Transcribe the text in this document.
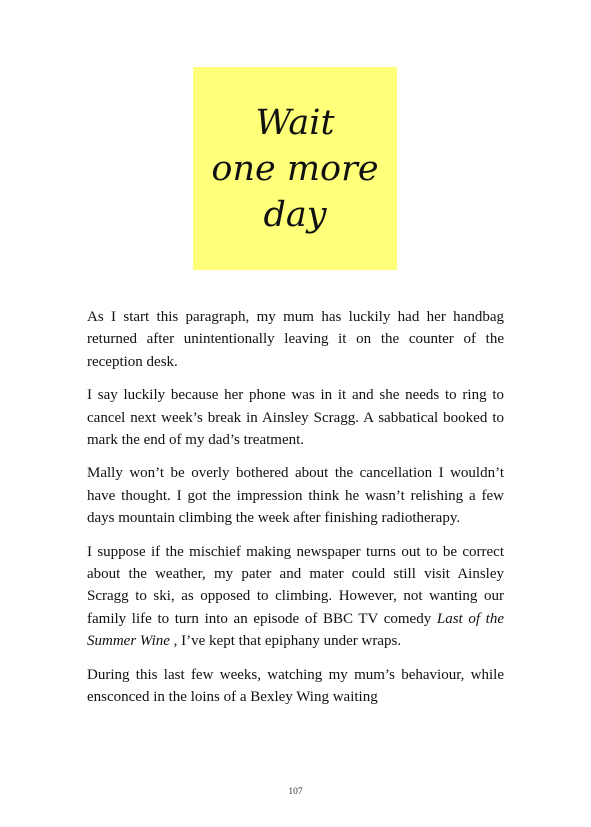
Wait
one more
day

As I start this paragraph, my mum has luckily had her handbag returned after unintentionally leaving it on the counter of the reception desk.

I say luckily because her phone was in it and she needs to ring to cancel next week’s break in Ainsley Scragg. A sabbatical booked to mark the end of my dad’s treatment.

Mally won’t be overly bothered about the cancellation I wouldn’t have thought. I got the impression think he wasn’t relishing a few days mountain climbing the week after finishing radiotherapy.

I suppose if the mischief making newspaper turns out to be correct about the weather, my pater and mater could still visit Ainsley Scragg to ski, as opposed to climbing. However, not wanting our family life to turn into an episode of BBC TV comedy Last of the Summer Wine , I’ve kept that epiphany under wraps.

During this last few weeks, watching my mum’s behaviour, while ensconced in the loins of a Bexley Wing waiting

107
